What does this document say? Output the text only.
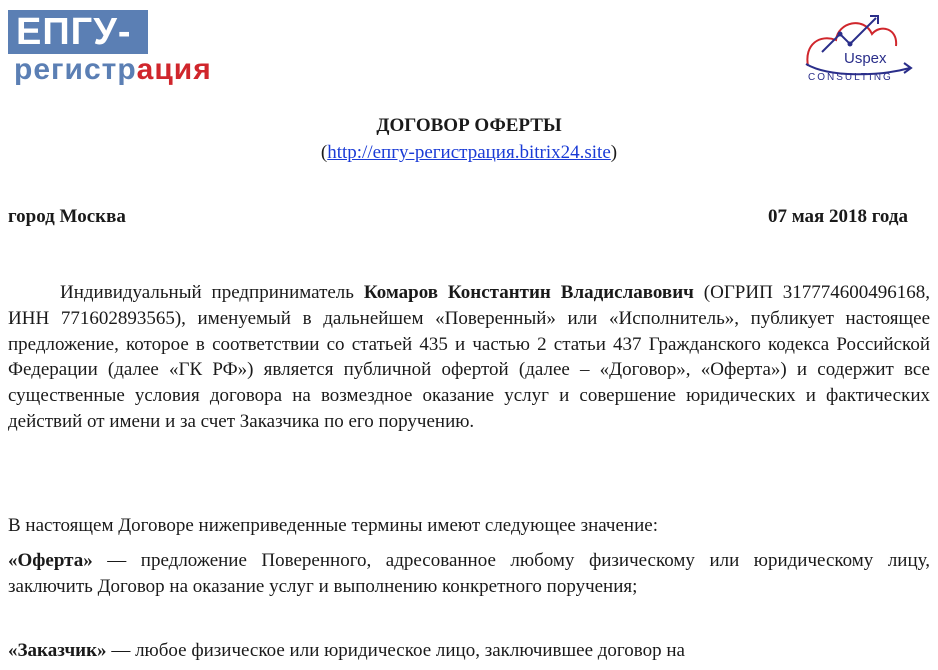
ЕПГУ-
регистрация	Uspex
CONSULTING
ДОГОВОР ОФЕРТЫ
(http://епгу-регистрация.bitrix24.site)
город Москва	07 мая 2018 года
Индивидуальный предприниматель Комаров Константин Владиславович (ОГРИП 317774600496168, ИНН 771602893565), именуемый в дальнейшем «Поверенный» или «Исполнитель», публикует настоящее предложение, которое в соответствии со статьей 435 и частью 2 статьи 437 Гражданского кодекса Российской Федерации (далее «ГК РФ») является публичной офертой (далее – «Договор», «Оферта») и содержит все существенные условия договора на возмездное оказание услуг и совершение юридических и фактических действий от имени и за счет Заказчика по его поручению.
В настоящем Договоре нижеприведенные термины имеют следующее значение:
«Оферта» — предложение Поверенного, адресованное любому физическому или юридическому лицу, заключить Договор на оказание услуг и выполнению конкретного поручения;
«Заказчик» — любое физическое или юридическое лицо, заключившее договор на
